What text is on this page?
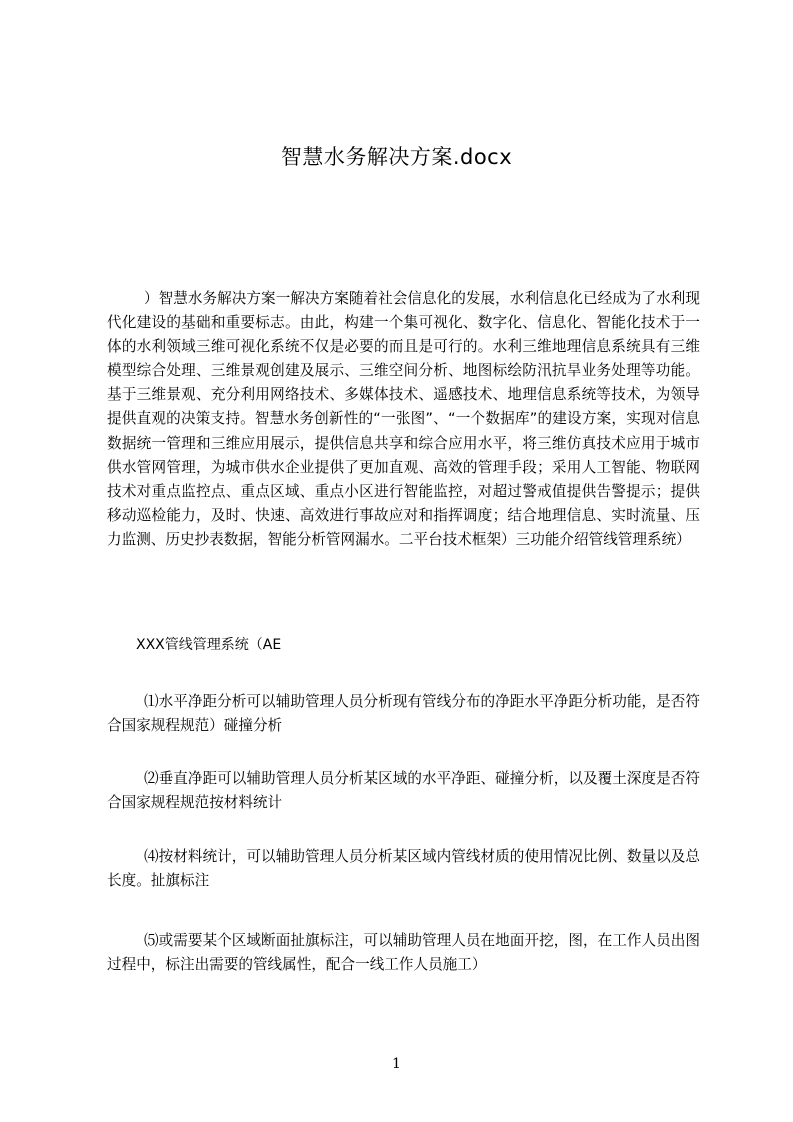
智慧水务解决方案.docx

）智慧水务解决方案一解决方案随着社会信息化的发展，水利信息化已经成为了水利现代化建设的基础和重要标志。由此，构建一个集可视化、数字化、信息化、智能化技术于一体的水利领域三维可视化系统不仅是必要的而且是可行的。水利三维地理信息系统具有三维模型综合处理、三维景观创建及展示、三维空间分析、地图标绘防汛抗旱业务处理等功能。基于三维景观、充分利用网络技术、多媒体技术、遥感技术、地理信息系统等技术，为领导提供直观的决策支持。智慧水务创新性的“一张图”、“一个数据库”的建设方案，实现对信息数据统一管理和三维应用展示，提供信息共享和综合应用水平，将三维仿真技术应用于城市供水管网管理，为城市供水企业提供了更加直观、高效的管理手段；采用人工智能、物联网技术对重点监控点、重点区域、重点小区进行智能监控，对超过警戒值提供告警提示；提供移动巡检能力，及时、快速、高效进行事故应对和指挥调度；结合地理信息、实时流量、压力监测、历史抄表数据，智能分析管网漏水。二平台技术框架）三功能介绍管线管理系统）

XXX管线管理系统（AE

⑴水平净距分析可以辅助管理人员分析现有管线分布的净距水平净距分析功能，是否符合国家规程规范）碰撞分析

⑵垂直净距可以辅助管理人员分析某区域的水平净距、碰撞分析，以及覆土深度是否符合国家规程规范按材料统计

⑷按材料统计，可以辅助管理人员分析某区域内管线材质的使用情况比例、数量以及总长度。扯旗标注

⑸或需要某个区域断面扯旗标注，可以辅助管理人员在地面开挖，图，在工作人员出图过程中，标注出需要的管线属性，配合一线工作人员施工）

1
